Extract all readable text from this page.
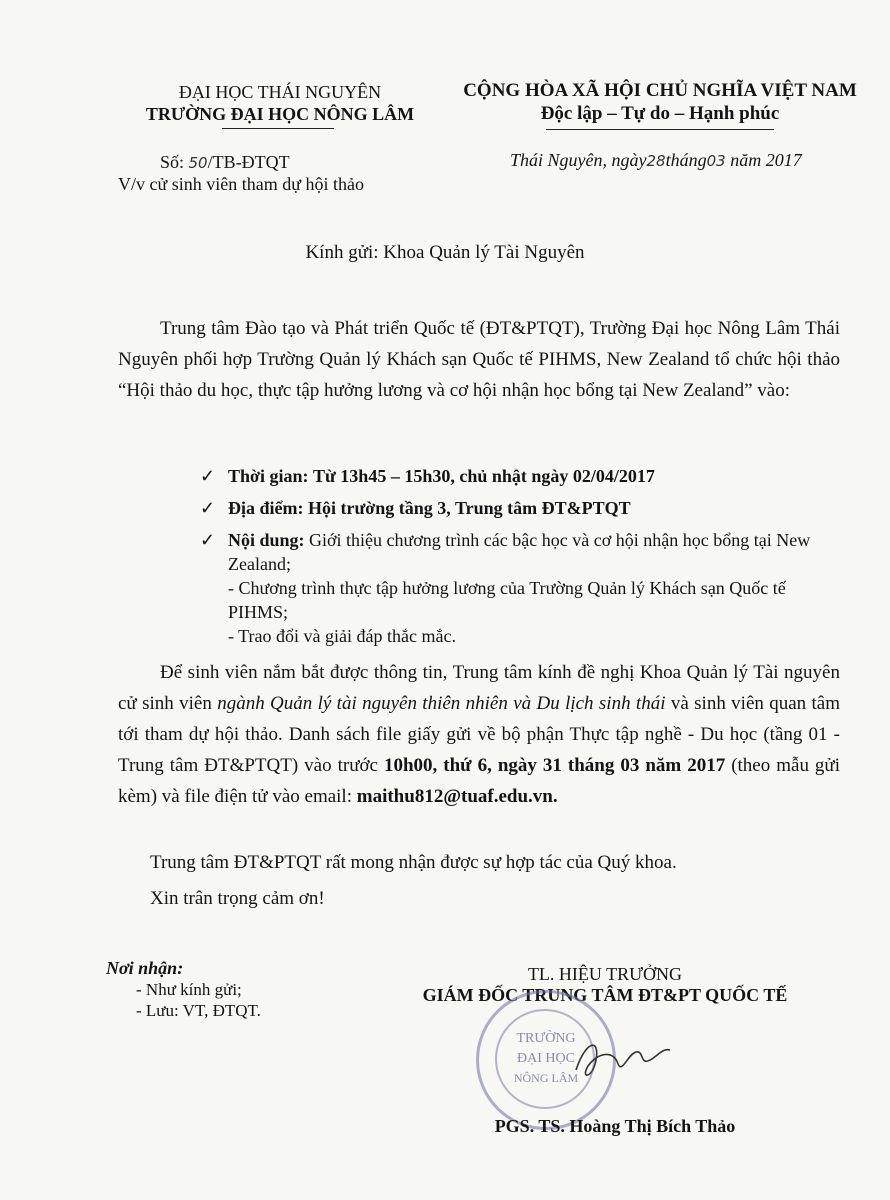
ĐẠI HỌC THÁI NGUYÊN
TRƯỜNG ĐẠI HỌC NÔNG LÂM
CỘNG HÒA XÃ HỘI CHỦ NGHĨA VIỆT NAM
Độc lập – Tự do – Hạnh phúc
Số: 50/TB-ĐTQT
V/v cử sinh viên tham dự hội thảo
Thái Nguyên, ngày28tháng03 năm 2017
Kính gửi: Khoa Quản lý Tài Nguyên
Trung tâm Đào tạo và Phát triển Quốc tế (ĐT&PTQT), Trường Đại học Nông Lâm Thái Nguyên phối hợp Trường Quản lý Khách sạn Quốc tế PIHMS, New Zealand tổ chức hội thảo “Hội thảo du học, thực tập hưởng lương và cơ hội nhận học bổng tại New Zealand” vào:
✓ Thời gian: Từ 13h45 – 15h30, chủ nhật ngày 02/04/2017
✓ Địa điểm: Hội trường tầng 3, Trung tâm ĐT&PTQT
✓ Nội dung: Giới thiệu chương trình các bậc học và cơ hội nhận học bổng tại New Zealand;
- Chương trình thực tập hưởng lương của Trường Quản lý Khách sạn Quốc tế PIHMS;
- Trao đổi và giải đáp thắc mắc.
Để sinh viên nắm bắt được thông tin, Trung tâm kính đề nghị Khoa Quản lý Tài nguyên cử sinh viên ngành Quản lý tài nguyên thiên nhiên và Du lịch sinh thái và sinh viên quan tâm tới tham dự hội thảo. Danh sách file giấy gửi về bộ phận Thực tập nghề - Du học (tầng 01 - Trung tâm ĐT&PTQT) vào trước 10h00, thứ 6, ngày 31 tháng 03 năm 2017 (theo mẫu gửi kèm) và file điện tử vào email: maithu812@tuaf.edu.vn.
Trung tâm ĐT&PTQT rất mong nhận được sự hợp tác của Quý khoa.
Xin trân trọng cảm ơn!
Nơi nhận:
- Như kính gửi;
- Lưu: VT, ĐTQT.
TL. HIỆU TRƯỞNG
GIÁM ĐỐC TRUNG TÂM ĐT&PT QUỐC TẾ
TRƯỜNG
ĐẠI HỌC
NÔNG LÂM
PGS. TS. Hoàng Thị Bích Thảo
